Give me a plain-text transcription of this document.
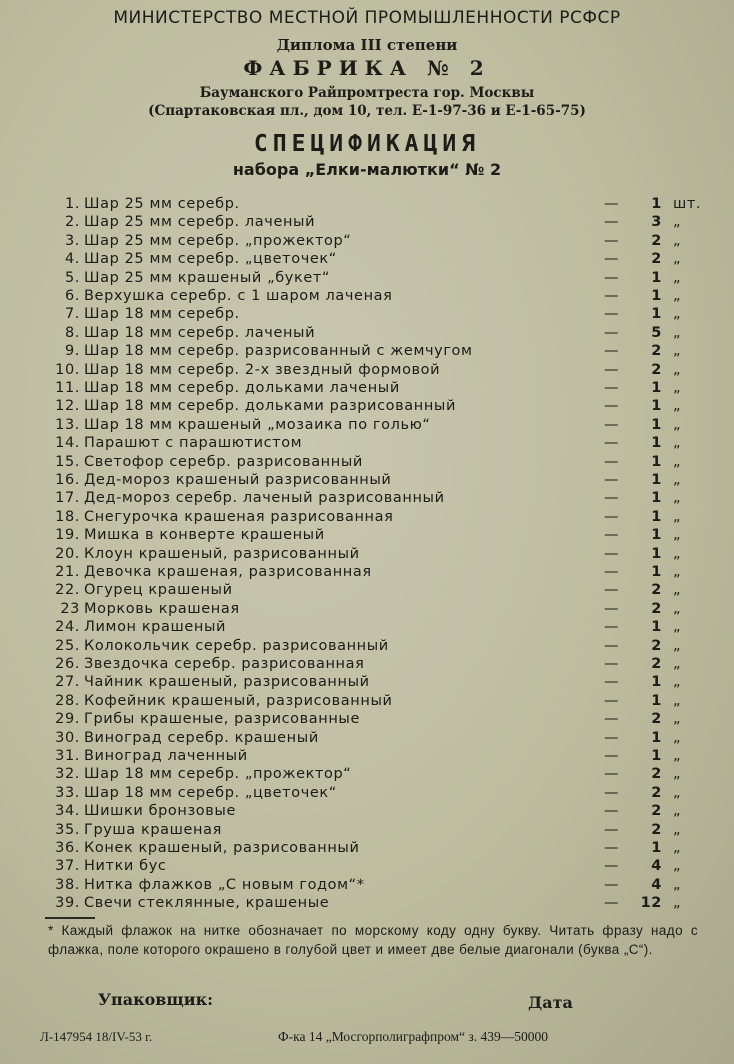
МИНИСТЕРСТВО МЕСТНОЙ ПРОМЫШЛЕННОСТИ РСФСР
Диплома III степени
ФАБРИКА № 2
Бауманского Райпромтреста гор. Москвы
(Спартаковская пл., дом 10, тел. Е-1-97-36 и Е-1-65-75)
СПЕЦИФИКАЦИЯ
набора „Елки-малютки“ № 2
1. Шар 25 мм серебр.	—	1 шт.
2. Шар 25 мм серебр. лаченый	—	3 „
3. Шар 25 мм серебр. „прожектор“	—	2 „
4. Шар 25 мм серебр. „цветочек“	—	2 „
5. Шар 25 мм крашеный „букет“	—	1 „
6. Верхушка серебр. с 1 шаром лаченая	—	1 „
7. Шар 18 мм серебр.	—	1 „
8. Шар 18 мм серебр. лаченый	—	5 „
9. Шар 18 мм серебр. разрисованный с жемчугом	—	2 „
10. Шар 18 мм серебр. 2-х звездный формовой	—	2 „
11. Шар 18 мм серебр. дольками лаченый	—	1 „
12. Шар 18 мм серебр. дольками разрисованный	—	1 „
13. Шар 18 мм крашеный „мозаика по голью“	—	1 „
14. Парашют с парашютистом	—	1 „
15. Светофор серебр. разрисованный	—	1 „
16. Дед-мороз крашеный разрисованный	—	1 „
17. Дед-мороз серебр. лаченый разрисованный	—	1 „
18. Снегурочка крашеная разрисованная	—	1 „
19. Мишка в конверте крашеный	—	1 „
20. Клоун крашеный, разрисованный	—	1 „
21. Девочка крашеная, разрисованная	—	1 „
22. Огурец крашеный	—	2 „
23 Морковь крашеная	—	2 „
24. Лимон крашеный	—	1 „
25. Колокольчик серебр. разрисованный	—	2 „
26. Звездочка серебр. разрисованная	—	2 „
27. Чайник крашеный, разрисованный	—	1 „
28. Кофейник крашеный, разрисованный	—	1 „
29. Грибы крашеные, разрисованные	—	2 „
30. Виноград серебр. крашеный	—	1 „
31. Виноград лаченный	—	1 „
32. Шар 18 мм серебр. „прожектор“	—	2 „
33. Шар 18 мм серебр. „цветочек“	—	2 „
34. Шишки бронзовые	—	2 „
35. Груша крашеная	—	2 „
36. Конек крашеный, разрисованный	—	1 „
37. Нитки бус	—	4 „
38. Нитка флажков „С новым годом“*	—	4 „
39. Свечи стеклянные, крашеные	—	12 „
* Каждый флажок на нитке обозначает по морскому коду одну букву. Читать фразу надо с флажка, поле которого окрашено в голубой цвет и имеет две белые диагонали (буква „С“).
Упаковщик:	Дата
Л-147954 18/IV-53 г.	Ф-ка 14 „Мосгорполиграфпром“ з. 439—50000
